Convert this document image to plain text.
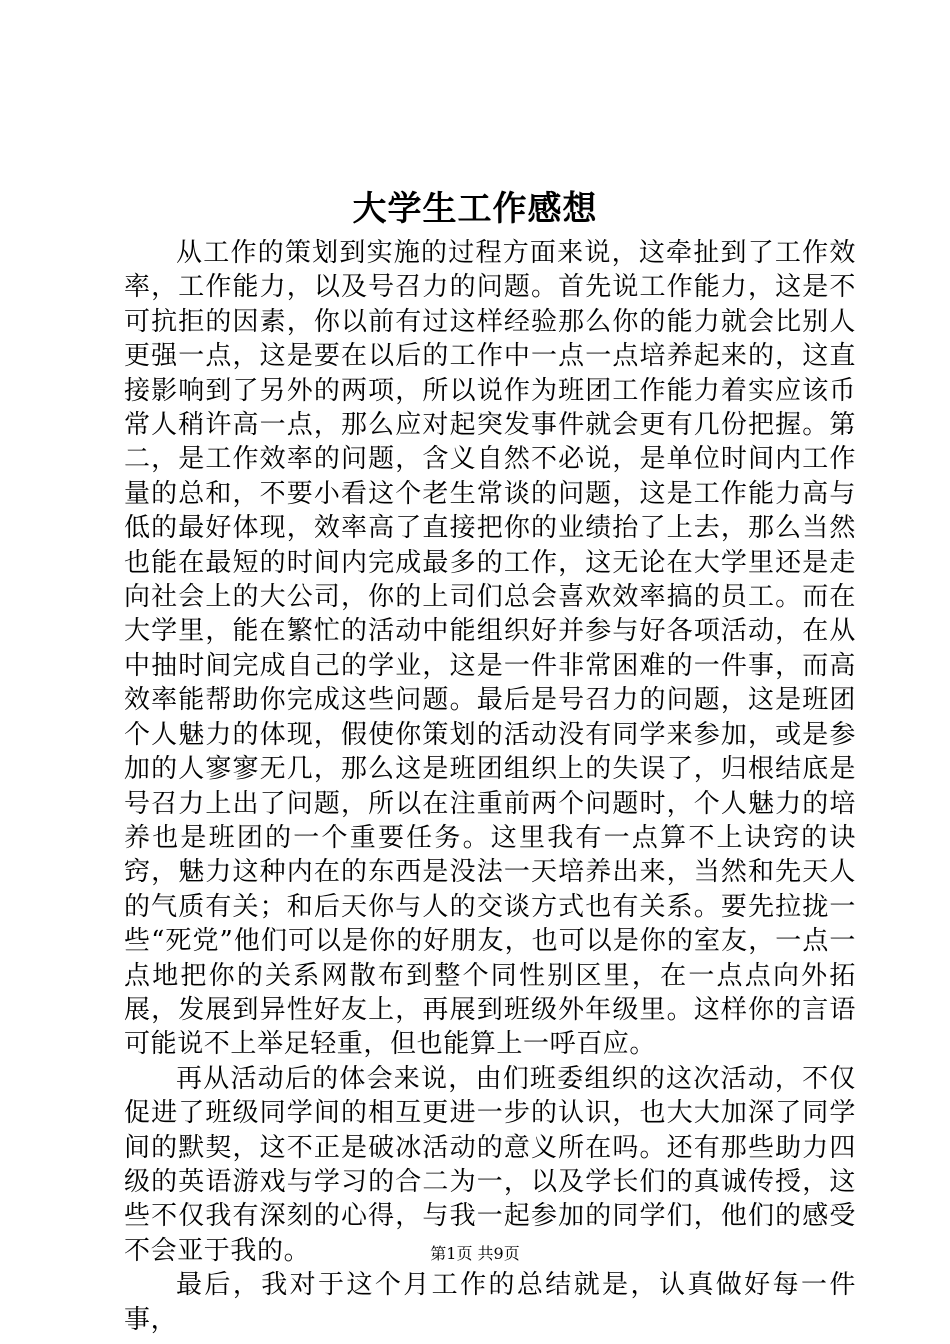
大学生工作感想

从工作的策划到实施的过程方面来说，这牵扯到了工作效率，工作能力，以及号召力的问题。首先说工作能力，这是不可抗拒的因素，你以前有过这样经验那么你的能力就会比别人更强一点，这是要在以后的工作中一点一点培养起来的，这直接影响到了另外的两项，所以说作为班团工作能力着实应该币常人稍许高一点，那么应对起突发事件就会更有几份把握。第二，是工作效率的问题，含义自然不必说，是单位时间内工作量的总和，不要小看这个老生常谈的问题，这是工作能力高与低的最好体现，效率高了直接把你的业绩抬了上去，那么当然也能在最短的时间内完成最多的工作，这无论在大学里还是走向社会上的大公司，你的上司们总会喜欢效率搞的员工。而在大学里，能在繁忙的活动中能组织好并参与好各项活动，在从中抽时间完成自己的学业，这是一件非常困难的一件事，而高效率能帮助你完成这些问题。最后是号召力的问题，这是班团个人魅力的体现，假使你策划的活动没有同学来参加，或是参加的人寥寥无几，那么这是班团组织上的失误了，归根结底是号召力上出了问题，所以在注重前两个问题时，个人魅力的培养也是班团的一个重要任务。这里我有一点算不上诀窍的诀窍，魅力这种内在的东西是没法一天培养出来，当然和先天人的气质有关；和后天你与人的交谈方式也有关系。要先拉拢一些“死党”他们可以是你的好朋友，也可以是你的室友，一点一点地把你的关系网散布到整个同性别区里，在一点点向外拓展，发展到异性好友上，再展到班级外年级里。这样你的言语可能说不上举足轻重，但也能算上一呼百应。

再从活动后的体会来说，由们班委组织的这次活动，不仅促进了班级同学间的相互更进一步的认识，也大大加深了同学间的默契，这不正是破冰活动的意义所在吗。还有那些助力四级的英语游戏与学习的合二为一，以及学长们的真诚传授，这些不仅我有深刻的心得，与我一起参加的同学们，他们的感受不会亚于我的。

最后，我对于这个月工作的总结就是，认真做好每一件事，

第1页 共9页
